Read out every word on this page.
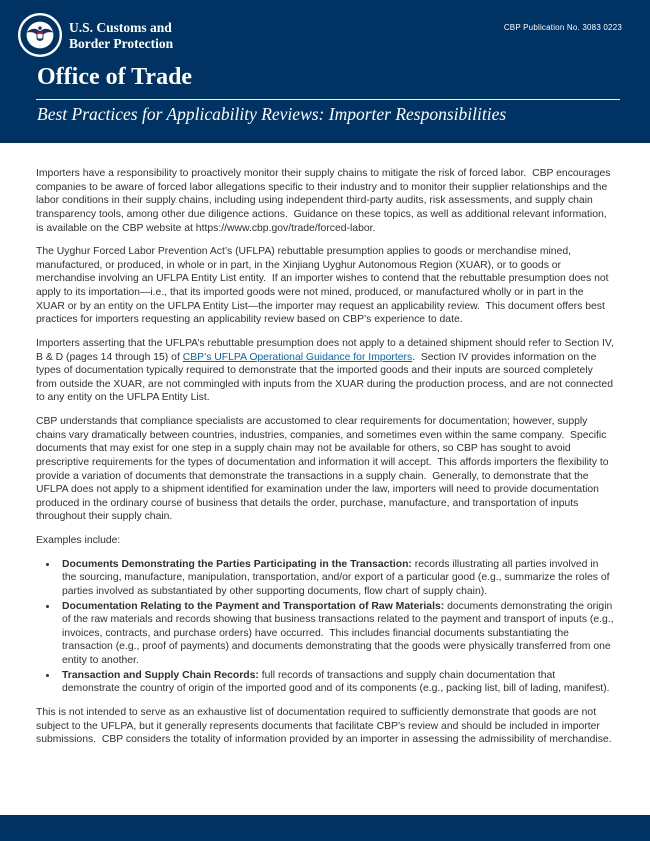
CBP Publication No. 3083 0223
U.S. Customs and
Border Protection
Office of Trade
Best Practices for Applicability Reviews: Importer Responsibilities

Importers have a responsibility to proactively monitor their supply chains to mitigate the risk of forced labor.  CBP encourages companies to be aware of forced labor allegations specific to their industry and to monitor their supplier relationships and the labor conditions in their supply chains, including using independent third-party audits, risk assessments, and supply chain transparency tools, among other due diligence actions.  Guidance on these topics, as well as additional relevant information, is available on the CBP website at https://www.cbp.gov/trade/forced-labor.

The Uyghur Forced Labor Prevention Act’s (UFLPA) rebuttable presumption applies to goods or merchandise mined, manufactured, or produced, in whole or in part, in the Xinjiang Uyghur Autonomous Region (XUAR), or to goods or merchandise involving an UFLPA Entity List entity.  If an importer wishes to contend that the rebuttable presumption does not apply to its importation—i.e., that its imported goods were not mined, produced, or manufactured wholly or in part in the XUAR or by an entity on the UFLPA Entity List—the importer may request an applicability review.  This document offers best practices for importers requesting an applicability review based on CBP’s experience to date.

Importers asserting that the UFLPA’s rebuttable presumption does not apply to a detained shipment should refer to Section IV, B & D (pages 14 through 15) of CBP’s UFLPA Operational Guidance for Importers.  Section IV provides information on the types of documentation typically required to demonstrate that the imported goods and their inputs are sourced completely from outside the XUAR, are not commingled with inputs from the XUAR during the production process, and are not connected to any entity on the UFLPA Entity List.

CBP understands that compliance specialists are accustomed to clear requirements for documentation; however, supply chains vary dramatically between countries, industries, companies, and sometimes even within the same company.  Specific documents that may exist for one step in a supply chain may not be available for others, so CBP has sought to avoid prescriptive requirements for the types of documentation and information it will accept.  This affords importers the flexibility to provide a variation of documents that demonstrate the transactions in a supply chain.  Generally, to demonstrate that the UFLPA does not apply to a shipment identified for examination under the law, importers will need to provide documentation produced in the ordinary course of business that details the order, purchase, manufacture, and transportation of inputs throughout their supply chain.

Examples include:

• Documents Demonstrating the Parties Participating in the Transaction: records illustrating all parties involved in the sourcing, manufacture, manipulation, transportation, and/or export of a particular good (e.g., summarize the roles of parties involved as substantiated by other supporting documents, flow chart of supply chain).
• Documentation Relating to the Payment and Transportation of Raw Materials: documents demonstrating the origin of the raw materials and records showing that business transactions related to the payment and transport of inputs (e.g., invoices, contracts, and purchase orders) have occurred.  This includes financial documents substantiating the transaction (e.g., proof of payments) and documents demonstrating that the goods were physically transferred from one entity to another.
• Transaction and Supply Chain Records: full records of transactions and supply chain documentation that demonstrate the country of origin of the imported good and of its components (e.g., packing list, bill of lading, manifest).

This is not intended to serve as an exhaustive list of documentation required to sufficiently demonstrate that goods are not subject to the UFLPA, but it generally represents documents that facilitate CBP’s review and should be included in importer submissions.  CBP considers the totality of information provided by an importer in assessing the admissibility of merchandise.
